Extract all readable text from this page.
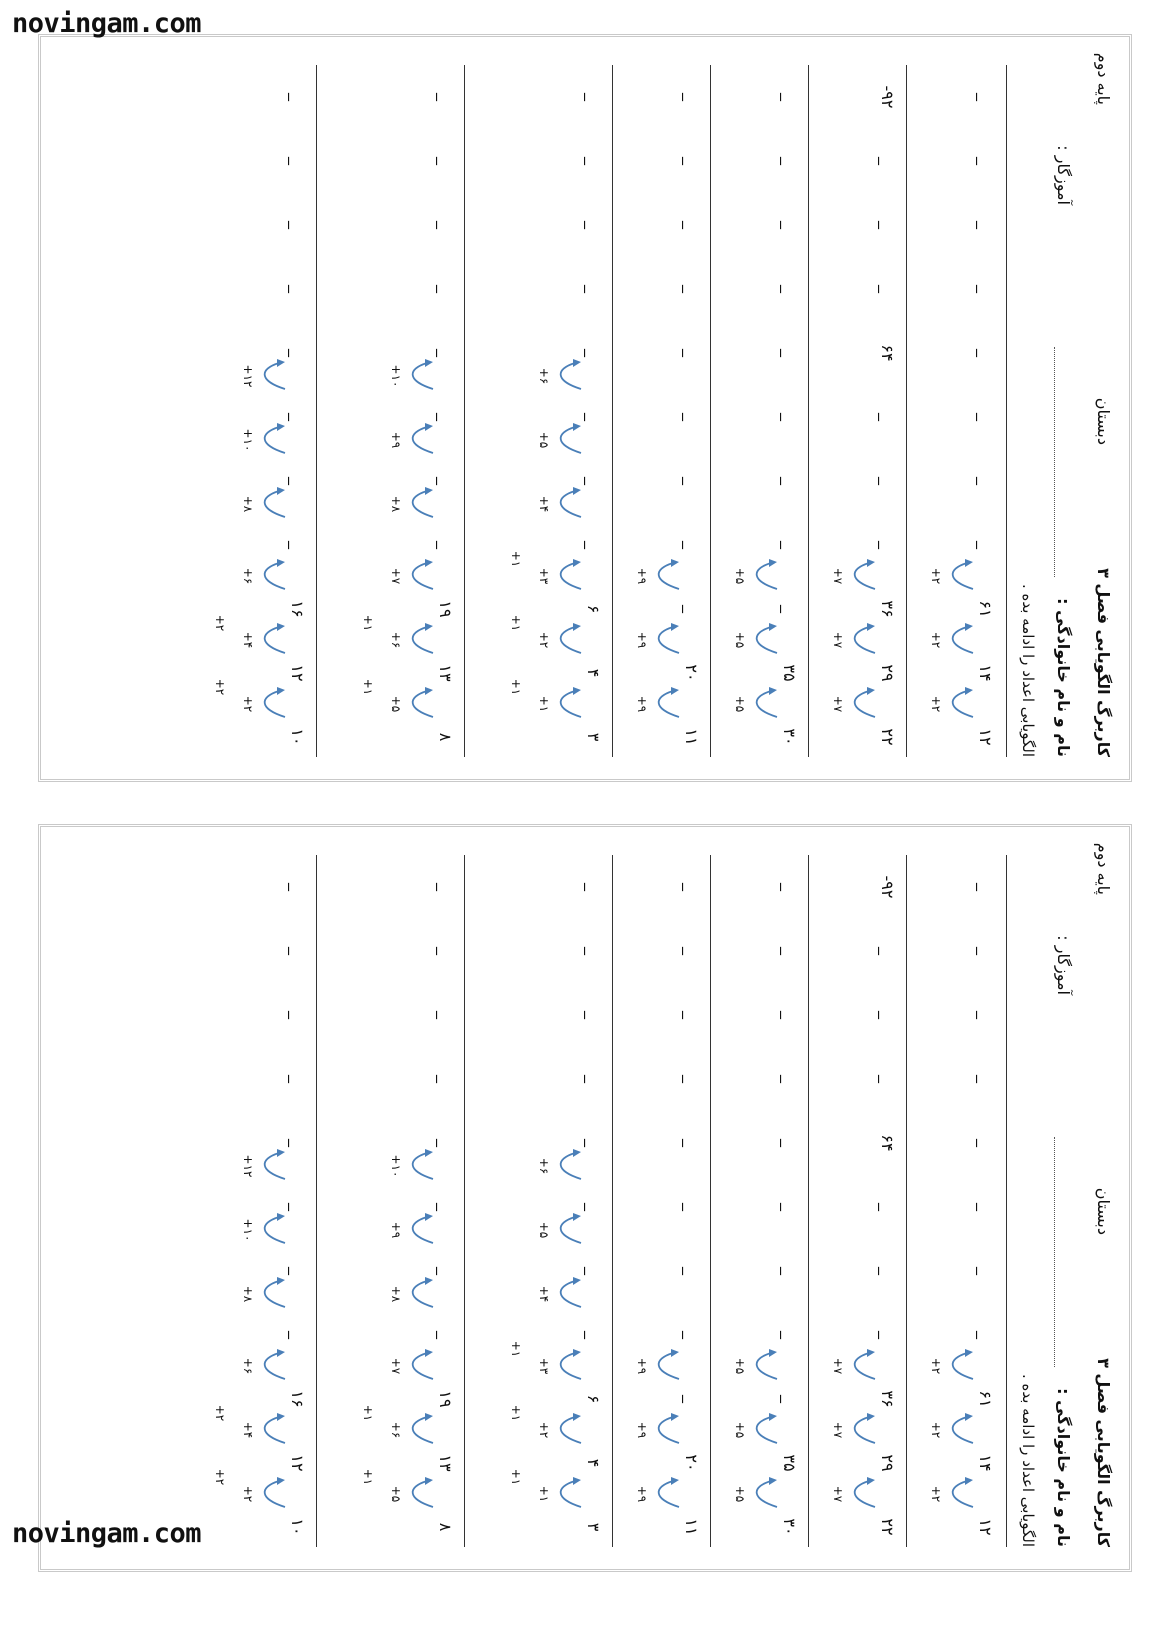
novingam.com
novingam.com
کاربرگ الگویابی فصل ۳
دبستان
پایه دوم
نام و نام خانوادگی :
آموزگار :
الگویابی اعداد را ادامه بده .
۱۲
۱۴
۶۱
_
_
_
_
_
_
_
_
+۲
+۲
+۲
۲۲
۲۹
۳۶
_
_
_
۶۴
_
_
_
-۹۲
+۷
+۷
+۷
۳۰
۳۵
_
_
_
_
_
_
_
_
_
+۵
+۵
+۵
۱۱
۲۰
_
_
_
_
_
_
_
_
_
+۹
+۹
+۹
۳
۴
۶
_
_
_
_
_
_
_
_
+۱
+۲
+۳
+۴
+۵
+۶
+۱
+۱
+۱
۸
۱۳
۱۹
_
_
_
_
_
_
_
_
+۵
+۶
+۷
+۸
+۹
+۱۰
+۱
+۱
۱۰
۱۲
۱۶
_
_
_
_
_
_
_
_
+۲
+۴
+۶
+۸
+۱۰
+۱۲
+۲
+۲
کاربرگ الگویابی فصل ۳
دبستان
پایه دوم
نام و نام خانوادگی :
آموزگار :
الگویابی اعداد را ادامه بده .
۱۲
۱۴
۶۱
_
_
_
_
_
_
_
_
+۲
+۲
+۲
۲۲
۲۹
۳۶
_
_
_
۶۴
_
_
_
-۹۲
+۷
+۷
+۷
۳۰
۳۵
_
_
_
_
_
_
_
_
_
+۵
+۵
+۵
۱۱
۲۰
_
_
_
_
_
_
_
_
_
+۹
+۹
+۹
۳
۴
۶
_
_
_
_
_
_
_
_
+۱
+۲
+۳
+۴
+۵
+۶
+۱
+۱
+۱
۸
۱۳
۱۹
_
_
_
_
_
_
_
_
+۵
+۶
+۷
+۸
+۹
+۱۰
+۱
+۱
۱۰
۱۲
۱۶
_
_
_
_
_
_
_
_
+۲
+۴
+۶
+۸
+۱۰
+۱۲
+۲
+۲
